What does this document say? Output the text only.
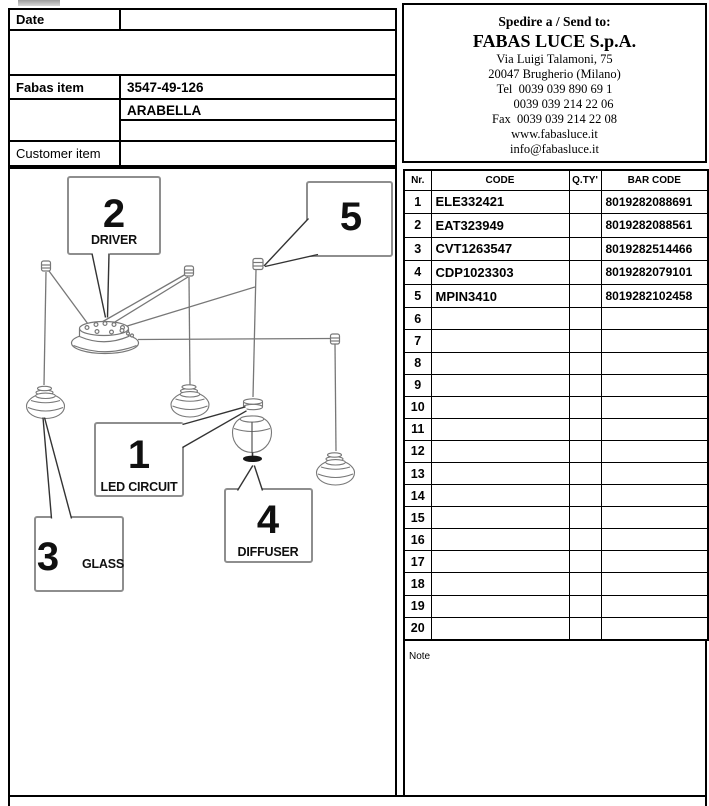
Date
Fabas item	3547-49-126
ARABELLA
Customer item
Spedire a / Send to:
FABAS LUCE S.p.A.
Via Luigi Talamoni, 75
20047 Brugherio (Milano)
Tel  0039 039 890 69 1
0039 039 214 22 06
Fax  0039 039 214 22 08
www.fabasluce.it
info@fabasluce.it
Nr.	CODE	Q.TY'	BAR CODE
1	ELE332421		8019282088691
2	EAT323949		8019282088561
3	CVT1263547		8019282514466
4	CDP1023303		8019282079101
5	MPIN3410		8019282102458
6			
7			
8			
9			
10			
11			
12			
13			
14			
15			
16			
17			
18			
19			
20			
Note
2
DRIVER
5
1
LED CIRCUIT
3 GLASS
4
DIFFUSER
